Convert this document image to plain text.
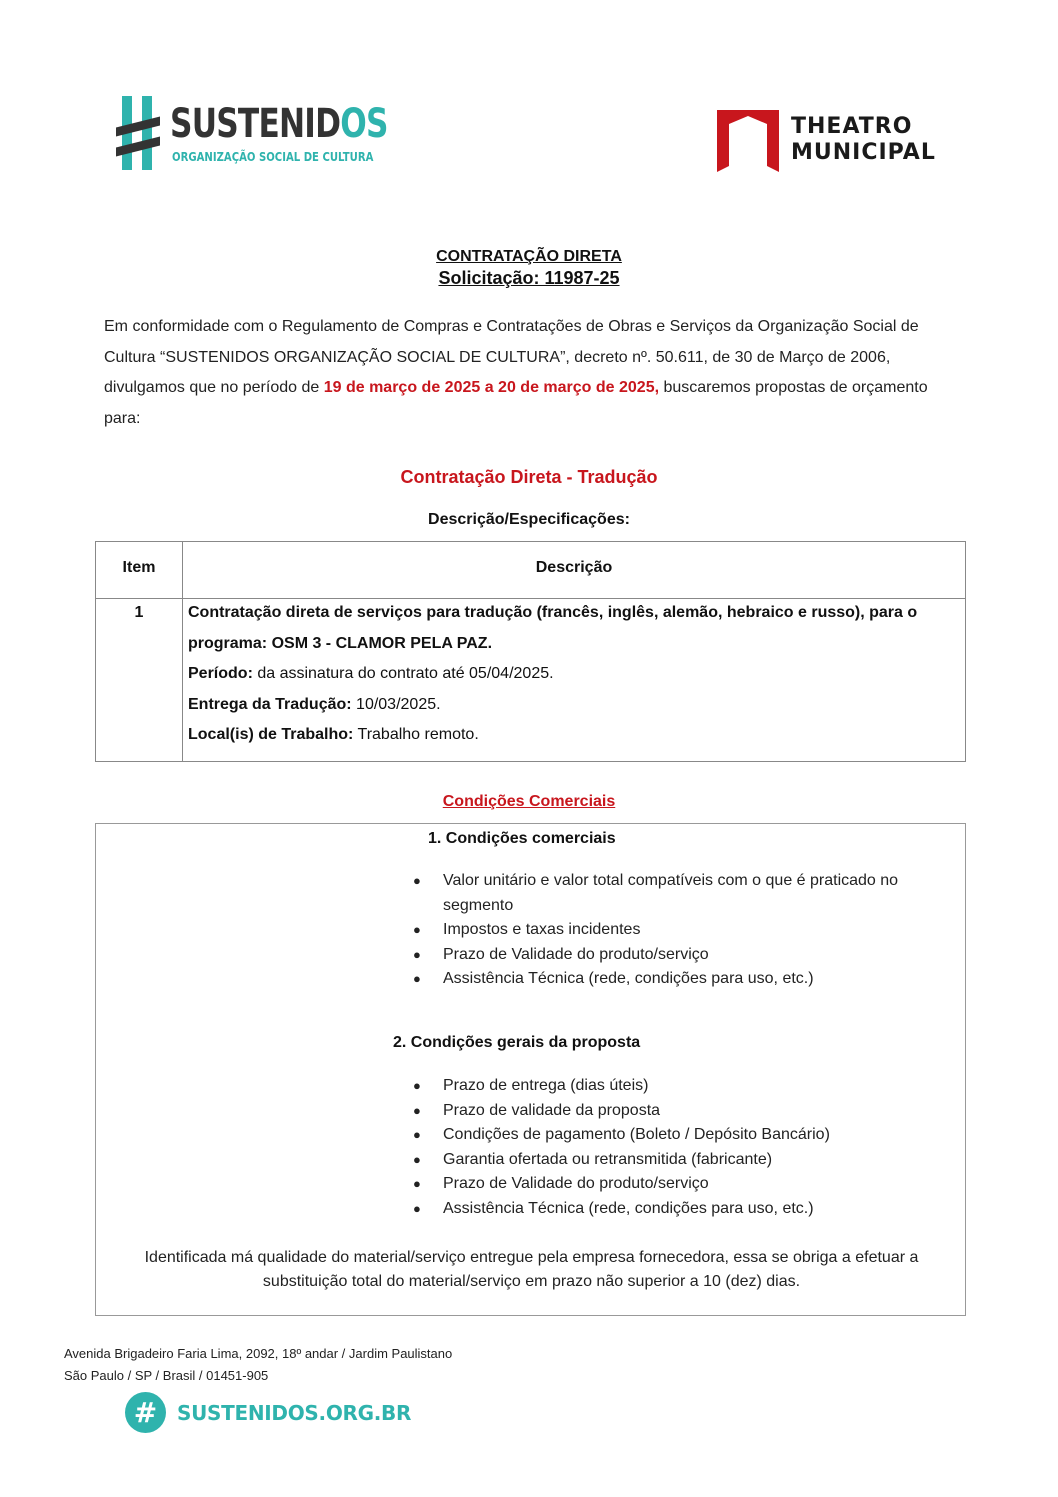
SUSTENIDOS
ORGANIZAÇÃO SOCIAL DE CULTURA
THEATRO
MUNICIPAL
CONTRATAÇÃO DIRETA
Solicitação: 11987-25

Em conformidade com o Regulamento de Compras e Contratações de Obras e Serviços da Organização Social de Cultura “SUSTENIDOS ORGANIZAÇÃO SOCIAL DE CULTURA”, decreto nº. 50.611, de 30 de Março de 2006, divulgamos que no período de 19 de março de 2025 a 20 de março de 2025, buscaremos propostas de orçamento para:

Contratação Direta - Tradução
Descrição/Especificações:
Item	Descrição
1	Contratação direta de serviços para tradução (francês, inglês, alemão, hebraico e russo), para o programa: OSM 3 - CLAMOR PELA PAZ.
Período: da assinatura do contrato até 05/04/2025.
Entrega da Tradução: 10/03/2025.
Local(is) de Trabalho: Trabalho remoto.
Condições Comerciais
1. Condições comerciais
● Valor unitário e valor total compatíveis com o que é praticado no segmento
● Impostos e taxas incidentes
● Prazo de Validade do produto/serviço
● Assistência Técnica (rede, condições para uso, etc.)
2. Condições gerais da proposta
● Prazo de entrega (dias úteis)
● Prazo de validade da proposta
● Condições de pagamento (Boleto / Depósito Bancário)
● Garantia ofertada ou retransmitida (fabricante)
● Prazo de Validade do produto/serviço
● Assistência Técnica (rede, condições para uso, etc.)
Identificada má qualidade do material/serviço entregue pela empresa fornecedora, essa se obriga a efetuar a substituição total do material/serviço em prazo não superior a 10 (dez) dias.
Avenida Brigadeiro Faria Lima, 2092, 18º andar / Jardim Paulistano
São Paulo / SP / Brasil / 01451-905
# SUSTENIDOS.ORG.BR
